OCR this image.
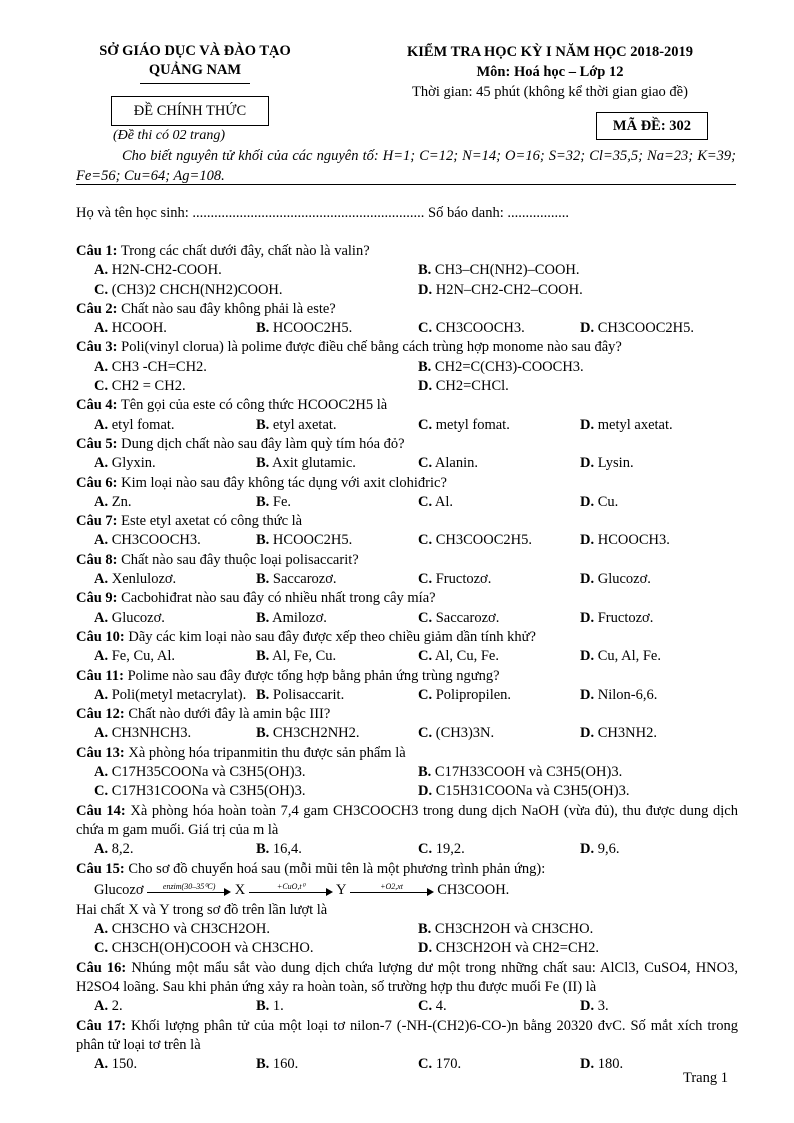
SỞ GIÁO DỤC VÀ ĐÀO TẠO
QUẢNG NAM
KIỂM TRA HỌC KỲ I NĂM HỌC 2018-2019
Môn: Hoá học – Lớp 12
Thời gian: 45 phút (không kể thời gian giao đề)
ĐỀ CHÍNH THỨC
(Đề thi có 02 trang)
MÃ ĐỀ: 302
Cho biết nguyên tử khối của các nguyên tố: H=1; C=12; N=14; O=16; S=32; Cl=35,5; Na=23; K=39; Fe=56; Cu=64; Ag=108.
Họ và tên học sinh: ................................................................ Số báo danh: .................
Câu 1: Trong các chất dưới đây, chất nào là valin?
A. H2N-CH2-COOH.	B. CH3–CH(NH2)–COOH.
C. (CH3)2 CHCH(NH2)COOH.	D. H2N–CH2-CH2–COOH.
Câu 2: Chất nào sau đây không phải là este?
A. HCOOH.	B. HCOOC2H5.	C. CH3COOCH3.	D. CH3COOC2H5.
Câu 3: Poli(vinyl clorua) là polime được điều chế bằng cách trùng hợp monome nào sau đây?
A. CH3 -CH=CH2.	B. CH2=C(CH3)-COOCH3.
C. CH2 = CH2.	D. CH2=CHCl.
Câu 4: Tên gọi của este có công thức HCOOC2H5 là
A. etyl fomat.	B. etyl axetat.	C. metyl fomat.	D. metyl axetat.
Câu 5: Dung dịch chất nào sau đây làm quỳ tím hóa đỏ?
A. Glyxin.	B. Axit glutamic.	C. Alanin.	D. Lysin.
Câu 6: Kim loại nào sau đây không tác dụng với axit clohiđric?
A. Zn.	B. Fe.	C. Al.	D. Cu.
Câu 7: Este etyl axetat có công thức là
A. CH3COOCH3.	B. HCOOC2H5.	C. CH3COOC2H5.	D. HCOOCH3.
Câu 8: Chất nào sau đây thuộc loại polisaccarit?
A. Xenlulozơ.	B. Saccarozơ.	C. Fructozơ.	D. Glucozơ.
Câu 9: Cacbohiđrat nào sau đây có nhiều nhất trong cây mía?
A. Glucozơ.	B. Amilozơ.	C. Saccarozơ.	D. Fructozơ.
Câu 10: Dãy các kim loại nào sau đây được xếp theo chiều giảm dần tính khử?
A. Fe, Cu, Al.	B. Al, Fe, Cu.	C. Al, Cu, Fe.	D. Cu, Al, Fe.
Câu 11: Polime nào sau đây được tổng hợp bằng phản ứng trùng ngưng?
A. Poli(metyl metacrylat). B. Polisaccarit.	C. Polipropilen.	D. Nilon-6,6.
Câu 12: Chất nào dưới đây là amin bậc III?
A. CH3NHCH3.	B. CH3CH2NH2.	C. (CH3)3N.	D. CH3NH2.
Câu 13: Xà phòng hóa tripanmitin thu được sản phẩm là
A. C17H35COONa và C3H5(OH)3.	B. C17H33COOH và C3H5(OH)3.
C. C17H31COONa và C3H5(OH)3.	D. C15H31COONa và C3H5(OH)3.
Câu 14: Xà phòng hóa hoàn toàn 7,4 gam CH3COOCH3 trong dung dịch NaOH (vừa đủ), thu được dung dịch chứa m gam muối. Giá trị của m là
A. 8,2.	B. 16,4.	C. 19,2.	D. 9,6.
Câu 15: Cho sơ đồ chuyển hoá sau (mỗi mũi tên là một phương trình phản ứng):
Glucozơ	enzim(30–35⁰C)	X	+CuO,t⁰	Y	+O2,xt	CH3COOH.
Hai chất X và Y trong sơ đồ trên lần lượt là
A. CH3CHO và CH3CH2OH.	B. CH3CH2OH và CH3CHO.
C. CH3CH(OH)COOH và CH3CHO.	D. CH3CH2OH và CH2=CH2.
Câu 16: Nhúng một mẩu sắt vào dung dịch chứa lượng dư một trong những chất sau: AlCl3, CuSO4, HNO3, H2SO4 loãng. Sau khi phản ứng xảy ra hoàn toàn, số trường hợp thu được muối Fe (II) là
A. 2.	B. 1.	C. 4.	D. 3.
Câu 17: Khối lượng phân tử của một loại tơ nilon-7 (-NH-(CH2)6-CO-)n bằng 20320 đvC. Số mắt xích trong phân tử loại tơ trên là
A. 150.	B. 160.	C. 170.	D. 180.
Trang 1
